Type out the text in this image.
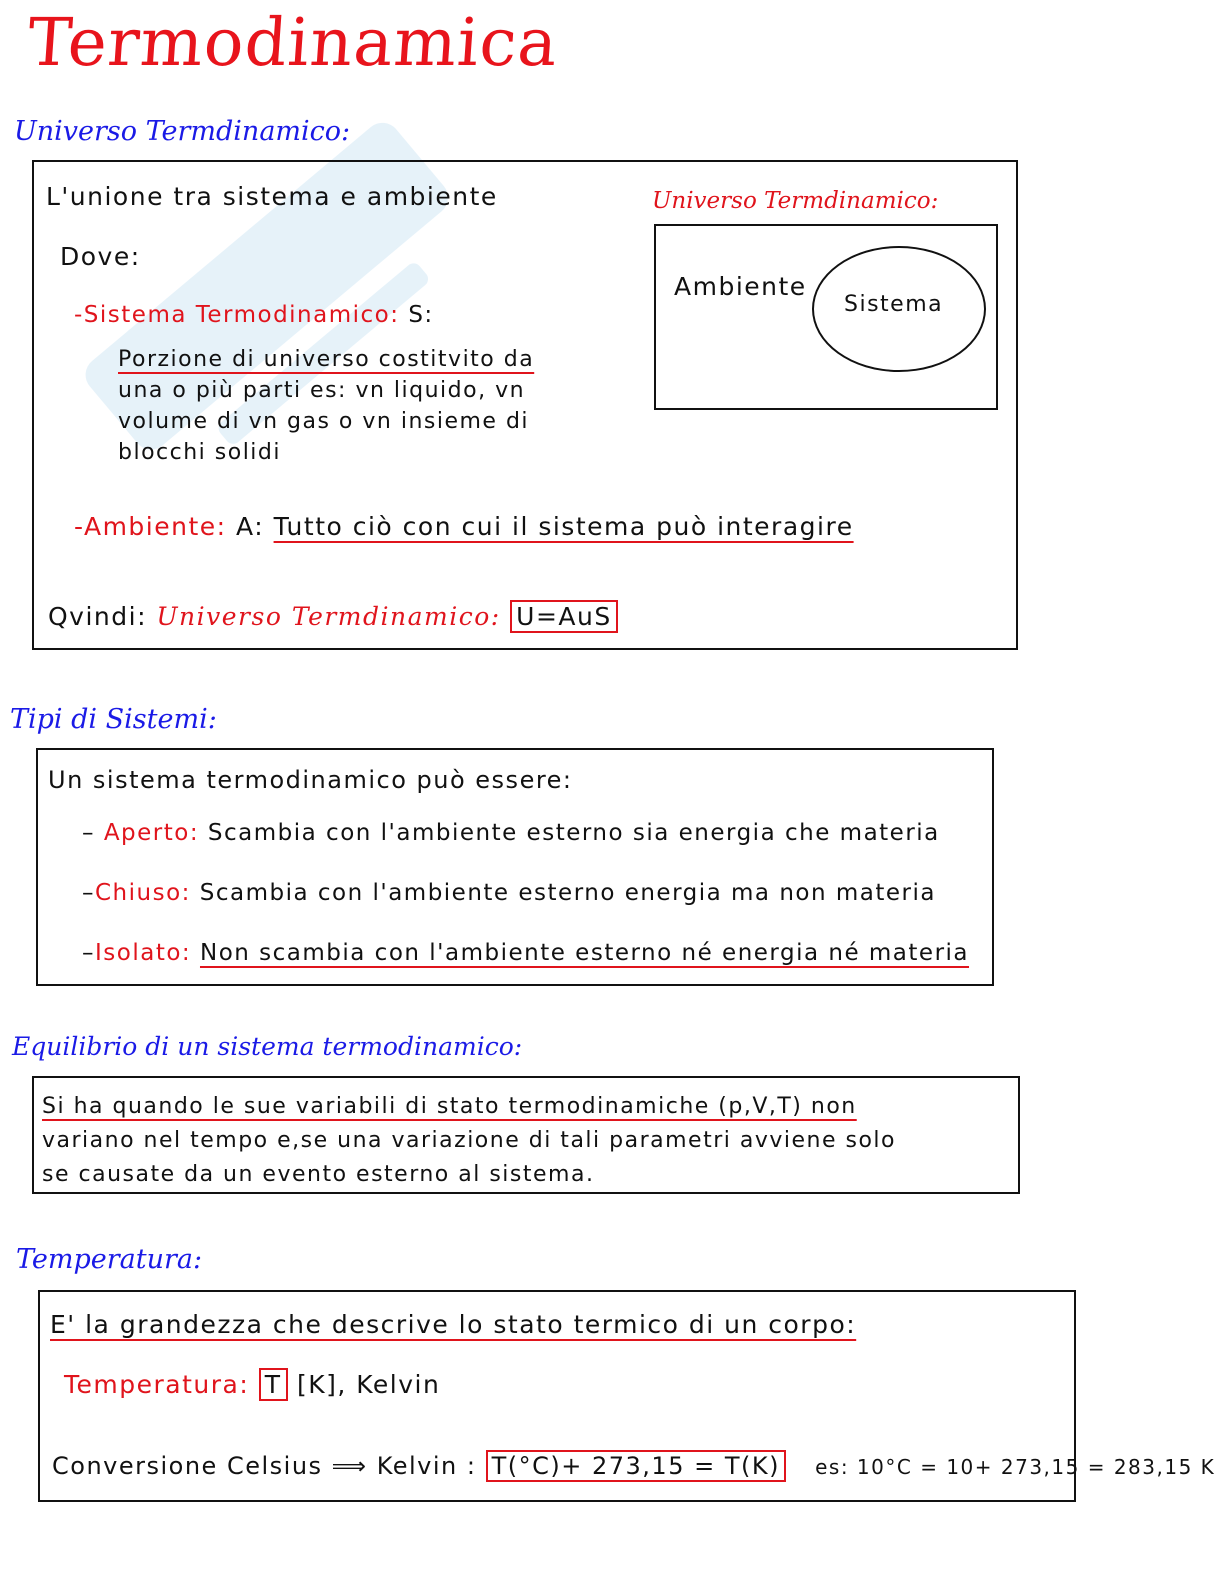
Termodinamica
Universo Termdinamico:
L'unione tra sistema e ambiente
Dove:
-Sistema Termodinamico: S:
Porzione di universo costitvito da
una o più parti es: vn liquido, vn
volume di vn gas o vn insieme di
blocchi solidi
-Ambiente: A: Tutto ciò con cui il sistema può interagire
Qvindi: Universo Termdinamico: U=AuS
Universo Termdinamico:
Ambiente
Sistema
Tipi di Sistemi:
Un sistema termodinamico può essere:
– Aperto: Scambia con l'ambiente esterno sia energia che materia
–Chiuso: Scambia con l'ambiente esterno energia ma non materia
–Isolato: Non scambia con l'ambiente esterno né energia né materia
Equilibrio di un sistema termodinamico:
Si ha quando le sue variabili di stato termodinamiche (p,V,T) non
variano nel tempo e,se una variazione di tali parametri avviene solo
se causate da un evento esterno al sistema.
Temperatura:
E' la grandezza che descrive lo stato termico di un corpo:
Temperatura: T [K], Kelvin
Conversione Celsius ⟹ Kelvin : T(°C)+ 273,15 = T(K) es: 10°C = 10+ 273,15 = 283,15 K
